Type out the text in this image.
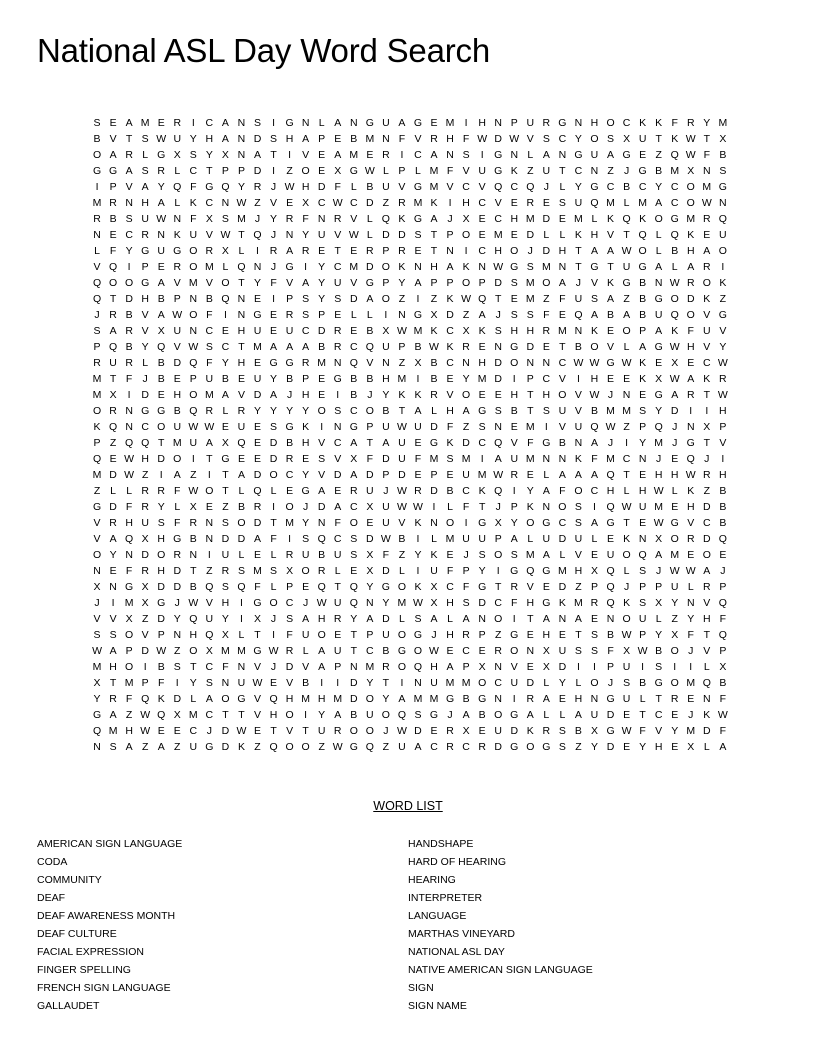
National ASL Day Word Search
S E A M E R	I	C A N S	I	G N L A N G U A G E M I	H N P U R G N H O C K K F R Y M
B V T S W U Y H A N D S H A P E B M N F V R H F W D W V S C Y O S X U T K W T X
O A R L G X S Y X N A T	I	V E A M E R	I	C A N S	I	G N L A N G U A G E Z Q W F B
G G A S R L C T P P D	I	Z O E X G W L P L M F V U G K Z U T C N Z J G B M X N S
I	P V A Y Q F G Q Y R J W H D F L B U V G M V C V Q C Q J	L Y G C B C Y C O M G
M R N H A L K C N W Z V E X C W C D Z R M K	I	H C V E R E S U Q M L M A C O W N
R B S U W N F X S M J Y R F N R V L Q K G A J X E C H M D E M L K Q K O G M R Q
N E C R N K U V W T Q J N Y U V W L D D S T P O E M E D L L K H V T Q L Q K E U
L F Y G U G O R X L	I	R A R E T E R P R E T N	I	C H O J D H T A A W O L B H A O
V Q	I	P E R O M L Q N J G	I	Y C M D O K N H A K N W G S M N T G T U G A L A R	I
Q O O G A V M V O T Y F V A Y U V G P Y A P P O P D S M O A J V K G B N W R O K
Q T D H B P N B Q N E	I	P S Y S D A O Z	I	Z K W Q T E M Z F U S A Z B G O D K Z
J R B V A W O F	I	N G E R S P E L L	I	N G X D Z A J S S F E Q A B A B U Q O V G
S A R V X U N C E H U E U C D R E B X W M K C X K S H H R M N K E O P A K F U V
P Q B Y Q V W S C T M A A A B R C Q U P B W K R E N G D E T B O V L A G W H V Y
R U R L B D Q F Y H E G G R M N Q V N Z X B C N H D O N N C W W G W K E X E C W
M T F J B E P U B E U Y B P E G B B H M I	B E Y M D	I	P C V	I	H E E K X W A K R
M X	I	D E H O M A V D A J H E	I	B J Y K K R V O E E H T H O V W J N E G A R T W
O R N G G B Q R L R Y Y Y Y O S C O B T A L H A G S B T S U V B M M S Y D	I	I	H
K Q N C O U W W E U E S G K	I	N G P U W U D F Z S N E M I	V U Q W Z P Q J N X P
P Z Q Q T M U A X Q E D B H V C A T A U E G K D C Q V F G B N A J	I	Y M J G T V
Q E W H D O	I	T G E E D R E S V X F D U F M S M I	A U M N N K F M C N J E Q J	I
M D W Z	I	A Z	I	T A D O C Y V D A D P D E P E U M W R E L A A A Q T E H H W R H
Z L L R R F W O T L Q L E G A E R U J W R D B C K Q	I	Y A F O C H L H W L K Z B
G D F R Y L X E Z B R	I	O J D A C X U W W I	L F T J P K N O S	I	Q W U M E H D B
V R H U S F R N S O D T M Y N F O E U V K N O	I	G X Y O G C S A G T E W G V C B
V A Q X H G B N D D A F	I	S Q C S D W B	I	L M U U P A L U D U L E K N X O R D Q
O Y N D O R N	I	U L E L R U B U S X F Z Y K E J S O S M A L V E U O Q A M E O E
N E F R H D T Z R S M S X O R L E X D L	I	U F P Y	I	G Q G M H X Q L S J W W A J
X N G X D D B Q S Q F L P E Q T Q Y G O K X C F G T R V E D Z P Q J P P U L R P
J	I M X G J W V H	I	G O C J W U Q N Y M W X H S D C F H G K M R Q K S X Y N V Q
V V X Z D Y Q U Y	I	X J S A H R Y A D L S A L A N O	I	T A N A E N O U L Z Y H F
S S O V P N H Q X L T	I	F U O E T P U O G J H R P Z G E H E T S B W P Y X F T Q
W A P D W Z O X M M G W R L A U T C B G O W E C E R O N X U S S F X W B O J V P
M H O	I	B S T C F N V J D V A P N M R O Q H A P X N V E X D	I	I	P U	I	S	I	I	L X
X T M P F	I	Y S N U W E V B	I	I	D Y T	I	N U M M O C U D L Y L O J S B G O M Q B
Y R F Q K D L A O G V Q H M H M D O Y A M M G B G N	I	R A E H N G U L T R E N F
G A Z W Q X M C T T V H O	I	Y A B U O Q S G J A B O G A L L A U D E T C E J K W
Q M H W E E C J D W E T V T U R O O J W D E R X E U D K R S B X G W F V Y M D F
N S A Z A Z U G D K Z Q O O Z W G Q Z U A C R C R D G O G S Z Y D E Y H E X L A
WORD LIST
AMERICAN SIGN LANGUAGE
CODA
COMMUNITY
DEAF
DEAF AWARENESS MONTH
DEAF CULTURE
FACIAL EXPRESSION
FINGER SPELLING
FRENCH SIGN LANGUAGE
GALLAUDET
HANDSHAPE
HARD OF HEARING
HEARING
INTERPRETER
LANGUAGE
MARTHAS VINEYARD
NATIONAL ASL DAY
NATIVE AMERICAN SIGN LANGUAGE
SIGN
SIGN NAME
